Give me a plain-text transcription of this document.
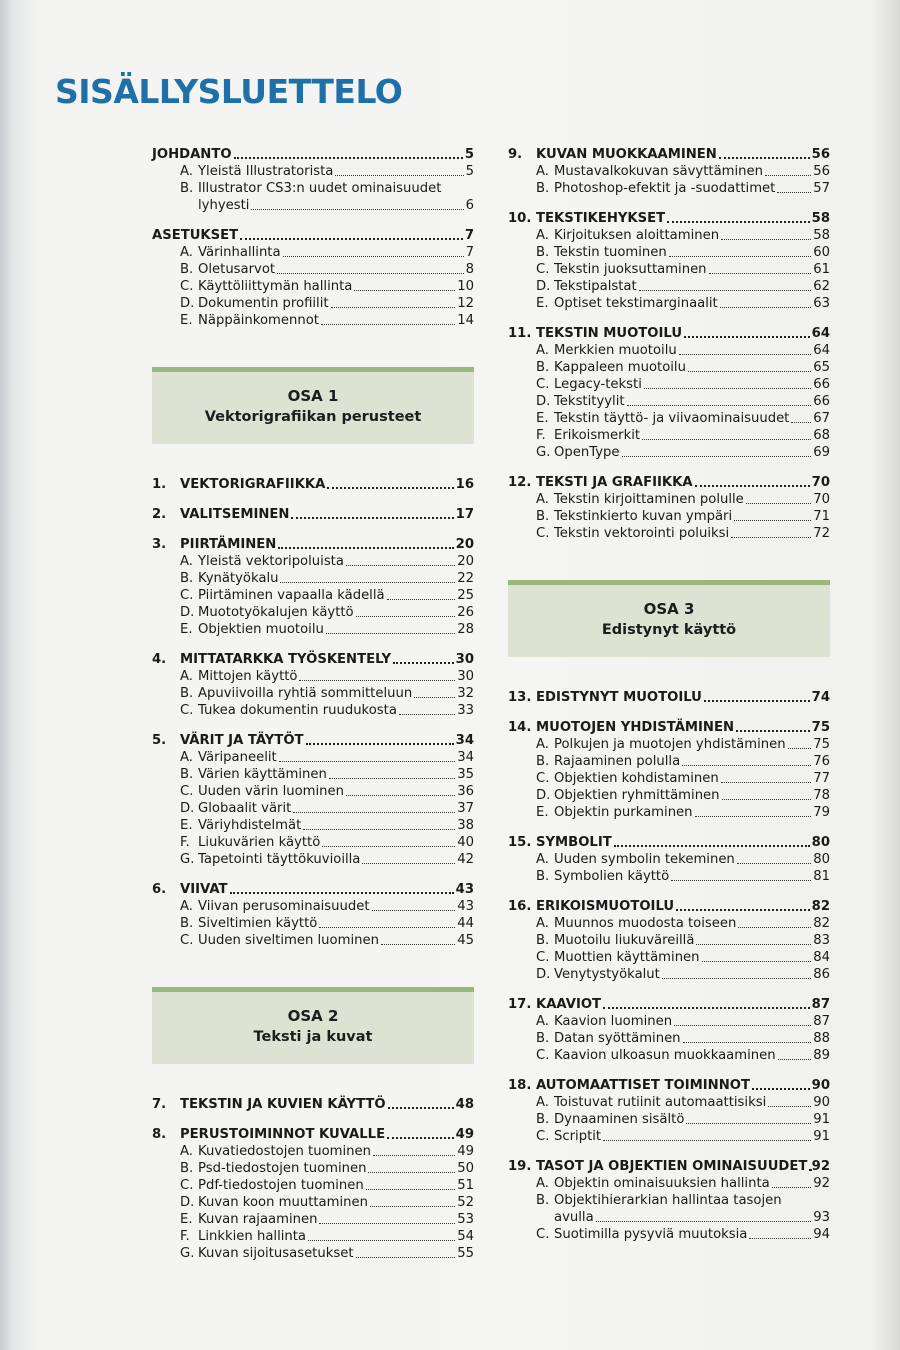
SISÄLLYSLUETTELO
JOHDANTO	5
A. Yleistä Illustratorista	5
B. Illustrator CS3:n uudet ominaisuudet
lyhyesti	6
ASETUKSET	7
A. Värinhallinta	7
B. Oletusarvot	8
C. Käyttöliittymän hallinta	10
D. Dokumentin profiilit	12
E. Näppäinkomennot	14
OSA 1
Vektorigrafiikan perusteet
1.	VEKTORIGRAFIIKKA	16
2.	VALITSEMINEN	17
3.	PIIRTÄMINEN	20
A. Yleistä vektoripoluista	20
B. Kynätyökalu	22
C. Piirtäminen vapaalla kädellä	25
D. Muototyökalujen käyttö	26
E. Objektien muotoilu	28
4.	MITTATARKKA TYÖSKENTELY	30
A. Mittojen käyttö	30
B. Apuviivoilla ryhtiä sommitteluun	32
C. Tukea dokumentin ruudukosta	33
5.	VÄRIT JA TÄYTÖT	34
A. Väripaneelit	34
B. Värien käyttäminen	35
C. Uuden värin luominen	36
D. Globaalit värit	37
E. Väriyhdistelmät	38
F. Liukuvärien käyttö	40
G. Tapetointi täyttökuvioilla	42
6.	VIIVAT	43
A. Viivan perusominaisuudet	43
B. Siveltimien käyttö	44
C. Uuden siveltimen luominen	45
OSA 2
Teksti ja kuvat
7.	TEKSTIN JA KUVIEN KÄYTTÖ	48
8.	PERUSTOIMINNOT KUVALLE	49
A. Kuvatiedostojen tuominen	49
B. Psd-tiedostojen tuominen	50
C. Pdf-tiedostojen tuominen	51
D. Kuvan koon muuttaminen	52
E. Kuvan rajaaminen	53
F. Linkkien hallinta	54
G. Kuvan sijoitusasetukset	55
9.	KUVAN MUOKKAAMINEN	56
A. Mustavalkokuvan sävyttäminen	56
B. Photoshop-efektit ja -suodattimet	57
10. TEKSTIKEHYKSET	58
A. Kirjoituksen aloittaminen	58
B. Tekstin tuominen	60
C. Tekstin juoksuttaminen	61
D. Tekstipalstat	62
E. Optiset tekstimarginaalit	63
11. TEKSTIN MUOTOILU	64
A. Merkkien muotoilu	64
B. Kappaleen muotoilu	65
C. Legacy-teksti	66
D. Tekstityylit	66
E. Tekstin täyttö- ja viivaominaisuudet 67
F. Erikoismerkit	68
G. OpenType	69
12. TEKSTI JA GRAFIIKKA	70
A. Tekstin kirjoittaminen polulle	70
B. Tekstinkierto kuvan ympäri	71
C. Tekstin vektorointi poluiksi	72
OSA 3
Edistynyt käyttö
13. EDISTYNYT MUOTOILU	74
14. MUOTOJEN YHDISTÄMINEN	75
A. Polkujen ja muotojen yhdistäminen 75
B. Rajaaminen polulla	76
C. Objektien kohdistaminen	77
D. Objektien ryhmittäminen	78
E. Objektin purkaminen	79
15. SYMBOLIT	80
A. Uuden symbolin tekeminen	80
B. Symbolien käyttö	81
16. ERIKOISMUOTOILU	82
A. Muunnos muodosta toiseen	82
B. Muotoilu liukuväreillä	83
C. Muottien käyttäminen	84
D. Venytystyökalut	86
17. KAAVIOT	87
A. Kaavion luominen	87
B. Datan syöttäminen	88
C. Kaavion ulkoasun muokkaaminen	89
18. AUTOMAATTISET TOIMINNOT	90
A. Toistuvat rutiinit automaattisiksi	90
B. Dynaaminen sisältö	91
C. Scriptit	91
19. TASOT JA OBJEKTIEN OMINAISUUDET 92
A. Objektin ominaisuuksien hallinta	92
B. Objektihierarkian hallintaa tasojen
avulla	93
C. Suotimilla pysyviä muutoksia	94
